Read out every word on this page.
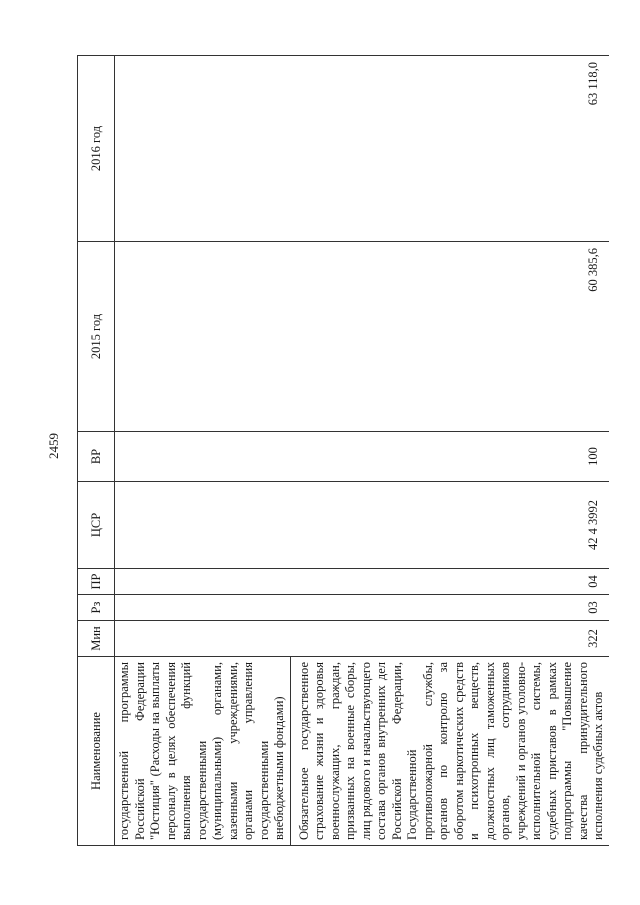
2459
Наименование	Мин	Рз	ПР	ЦСР	ВР	2015 год	2016 год
государственной программы Российской Федерации "Юстиция" (Расходы на выплаты персоналу в целях обеспечения выполнения функций государственными (муниципальными) органами, казенными учреждениями, органами управления государственными внебюджетными фондами)							
Обязательное государственное страхование жизни и здоровья военнослужащих, граждан, призванных на военные сборы, лиц рядового и начальствующего состава органов внутренних дел Российской Федерации, Государственной противопожарной службы, органов по контролю за оборотом наркотических средств и психотропных веществ, должностных лиц таможенных органов, сотрудников учреждений и органов уголовно-исполнительной системы, судебных приставов в рамках подпрограммы "Повышение качества принудительного исполнения судебных актов	322	03	04	42 4 3992	100	60 385,6	63 118,0
